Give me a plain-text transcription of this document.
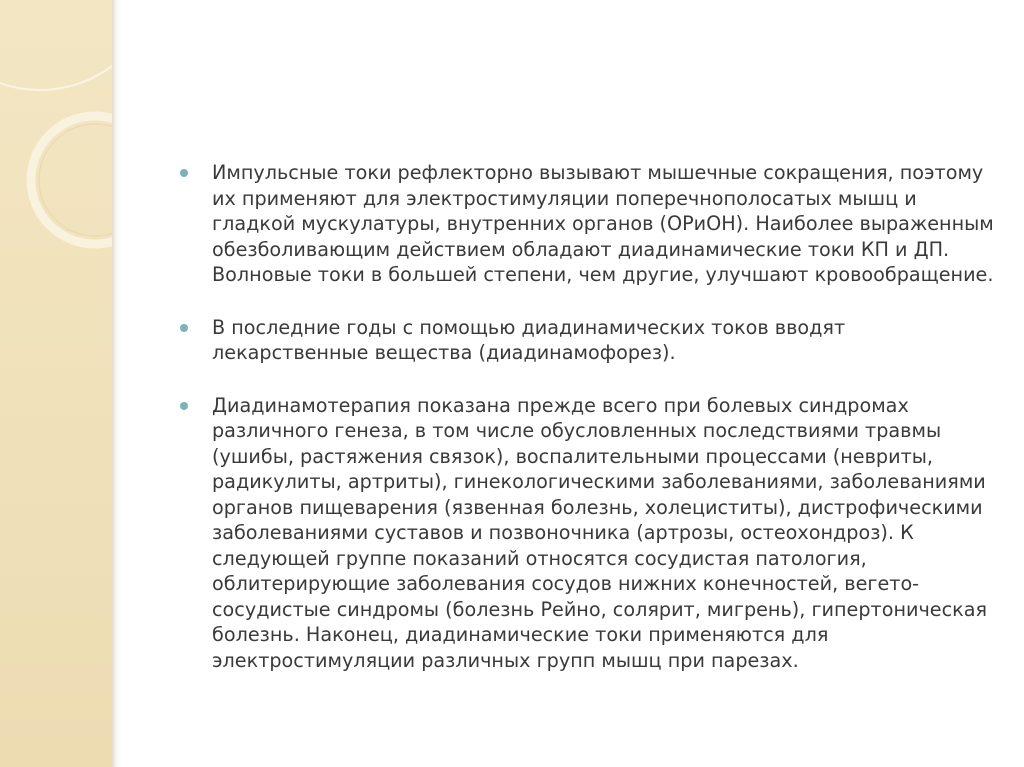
Импульсные токи рефлекторно вызывают мышечные сокращения, поэтому их применяют для электростимуляции поперечнополосатых мышц и гладкой мускулатуры, внутренних органов (ОРиОН). Наиболее выраженным обезболивающим действием обладают диадинамические токи КП и ДП. Волновые токи в большей степени, чем другие, улучшают кровообращение.
В последние годы с помощью диадинамических токов вводят лекарственные вещества (диадинамофорез).
Диадинамотерапия показана прежде всего при болевых синдромах различного генеза, в том числе обусловленных последствиями травмы (ушибы, растяжения связок), воспалительными процессами (невриты, радикулиты, артриты), гинекологическими заболеваниями, заболеваниями органов пищеварения (язвенная болезнь, холециститы), дистрофическими заболеваниями суставов и позвоночника (артрозы, остеохондроз). К следующей группе показаний относятся сосудистая патология, облитерирующие заболевания сосудов нижних конечностей, вегето-сосудистые синдромы (болезнь Рейно, солярит, мигрень), гипертоническая болезнь. Наконец, диадинамические токи применяются для электростимуляции различных групп мышц при парезах.
